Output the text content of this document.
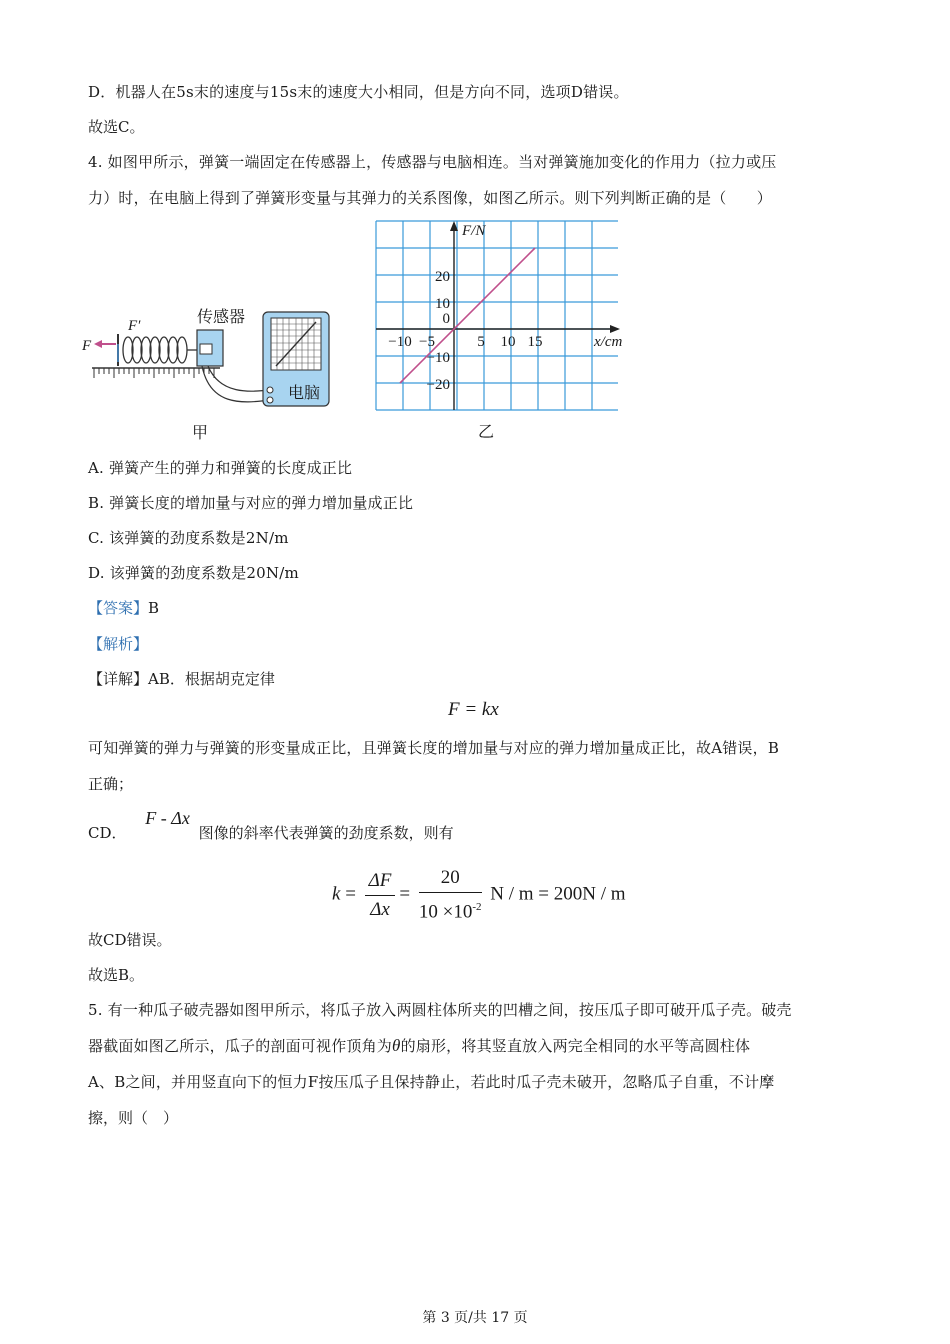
D．机器人在5s末的速度与15s末的速度大小相同，但是方向不同，选项D错误。
故选C。
4. 如图甲所示，弹簧一端固定在传感器上，传感器与电脑相连。当对弹簧施加变化的作用力（拉力或压
力）时，在电脑上得到了弹簧形变量与其弹力的关系图像，如图乙所示。则下列判断正确的是（　　）
F
F′	传感器
电脑
甲
20
10
0
−10
−20
−10 −5	5 10 15
F/N
x/cm
乙
A. 弹簧产生的弹力和弹簧的长度成正比
B. 弹簧长度的增加量与对应的弹力增加量成正比
C. 该弹簧的劲度系数是2N/m
D. 该弹簧的劲度系数是20N/m
【答案】B
【解析】
【详解】AB．根据胡克定律
F = kx
可知弹簧的弹力与弹簧的形变量成正比，且弹簧长度的增加量与对应的弹力增加量成正比，故A错误，B
正确；
CD． F - Δx 图像的斜率代表弹簧的劲度系数，则有
$k = \frac{\Delta F}{\Delta x} = \frac{20}{10 \times 10^{-2}}$ N / m = 200N / m
故CD错误。
故选B。
5. 有一种瓜子破壳器如图甲所示，将瓜子放入两圆柱体所夹的凹槽之间，按压瓜子即可破开瓜子壳。破壳
器截面如图乙所示，瓜子的剖面可视作顶角为θ的扇形，将其竖直放入两完全相同的水平等高圆柱体
A、B之间，并用竖直向下的恒力F按压瓜子且保持静止，若此时瓜子壳未破开，忽略瓜子自重，不计摩
擦，则（　）
第 3 页/共 17 页
